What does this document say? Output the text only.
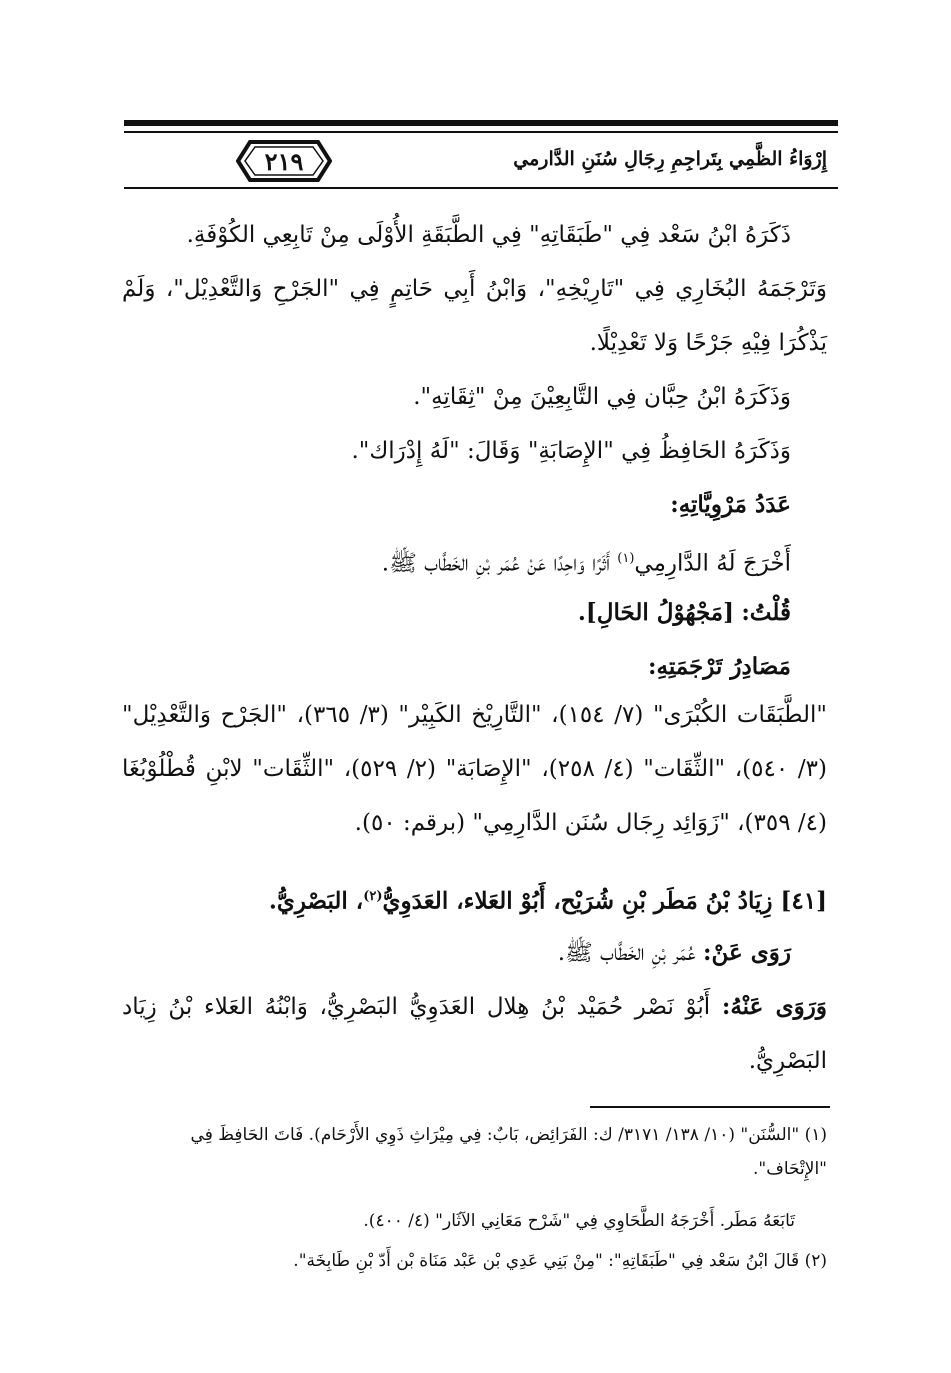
٢١٩	إِرْوَاءُ الظَّمِي بِتَراجِمِ رِجَالِ سُنَنِ الدَّارمي
ذَكَرَهُ ابْنُ سَعْد فِي "طَبَقَاتِهِ" فِي الطَّبَقَةِ الأُوْلَى مِنْ تَابِعِي الكُوْفَةِ.
وَتَرْجَمَهُ البُخَارِي فِي "تَارِيْخِهِ"، وَابْنُ أَبِي حَاتِمٍ فِي "الجَرْحِ وَالتَّعْدِيْل"، وَلَمْ يَذْكُرَا فِيْهِ جَرْحًا وَلا تَعْدِيْلًا.
وَذَكَرَهُ ابْنُ حِبَّان فِي التَّابِعِيْنَ مِنْ "ثِقَاتِهِ".
وَذَكَرَهُ الحَافِظُ فِي "الإِصَابَةِ" وَقَالَ: "لَهُ إِدْرَاك".
عَدَدُ مَرْوِيَّاتِهِ:
أَخْرَجَ لَهُ الدَّارِمِي$^{(١)}$ أَثَرًا وَاحِدًا عَنْ عُمَر بْنِ الخَطَّاب ﷺ.
قُلْتُ: [مَجْهُوْلُ الحَالِ].
مَصَادِرُ تَرْجَمَتِهِ:
"الطَّبَقَات الكُبْرَى" (٧/ ١٥٤)، "التَّارِيْخ الكَبِيْر" (٣/ ٣٦٥)، "الجَرْح وَالتَّعْدِيْل" (٣/ ٥٤٠)، "الثِّقَات" (٤/ ٢٥٨)، "الإِصَابَة" (٢/ ٥٢٩)، "الثِّقَات" لابْنِ قُطْلُوْبُغَا (٤/ ٣٥٩)، "زَوَائِد رِجَال سُنَن الدَّارِمِي" (برقم: ٥٠).
[٤١] زِيَادُ بْنُ مَطَر بْنِ شُرَيْح، أَبُوْ العَلاء، العَدَوِيُّ$^{(٢)}$، البَصْرِيُّ.
رَوَى عَنْ: عُمَر بْنِ الخَطَّاب ﷺ.
وَرَوَى عَنْهُ: أَبُوْ نَصْر حُمَيْد بْنُ هِلال العَدَوِيُّ البَصْرِيُّ، وَابْنُهُ العَلاء بْنُ زِيَاد البَصْرِيُّ.
(١) "السُّنَن" (١٠/ ١٣٨/ ٣١٧١/ ك: الفَرَائِض، بَابٌ: فِي مِيْرَاثِ ذَوِي الأَرْحَام). فَاتَ الحَافِظَ فِي "الإِتْحَاف".
تَابَعَهُ مَطَر. أَخْرَجَهُ الطَّحَاوِي فِي "شَرْح مَعَانِي الآثَار" (٤/ ٤٠٠).
(٢) قَالَ ابْنُ سَعْد فِي "طَبَقَاتِهِ": "مِنْ بَنِي عَدِي بْن عَبْد مَنَاة بْن أَدّ بْنِ طَابِخَة".
